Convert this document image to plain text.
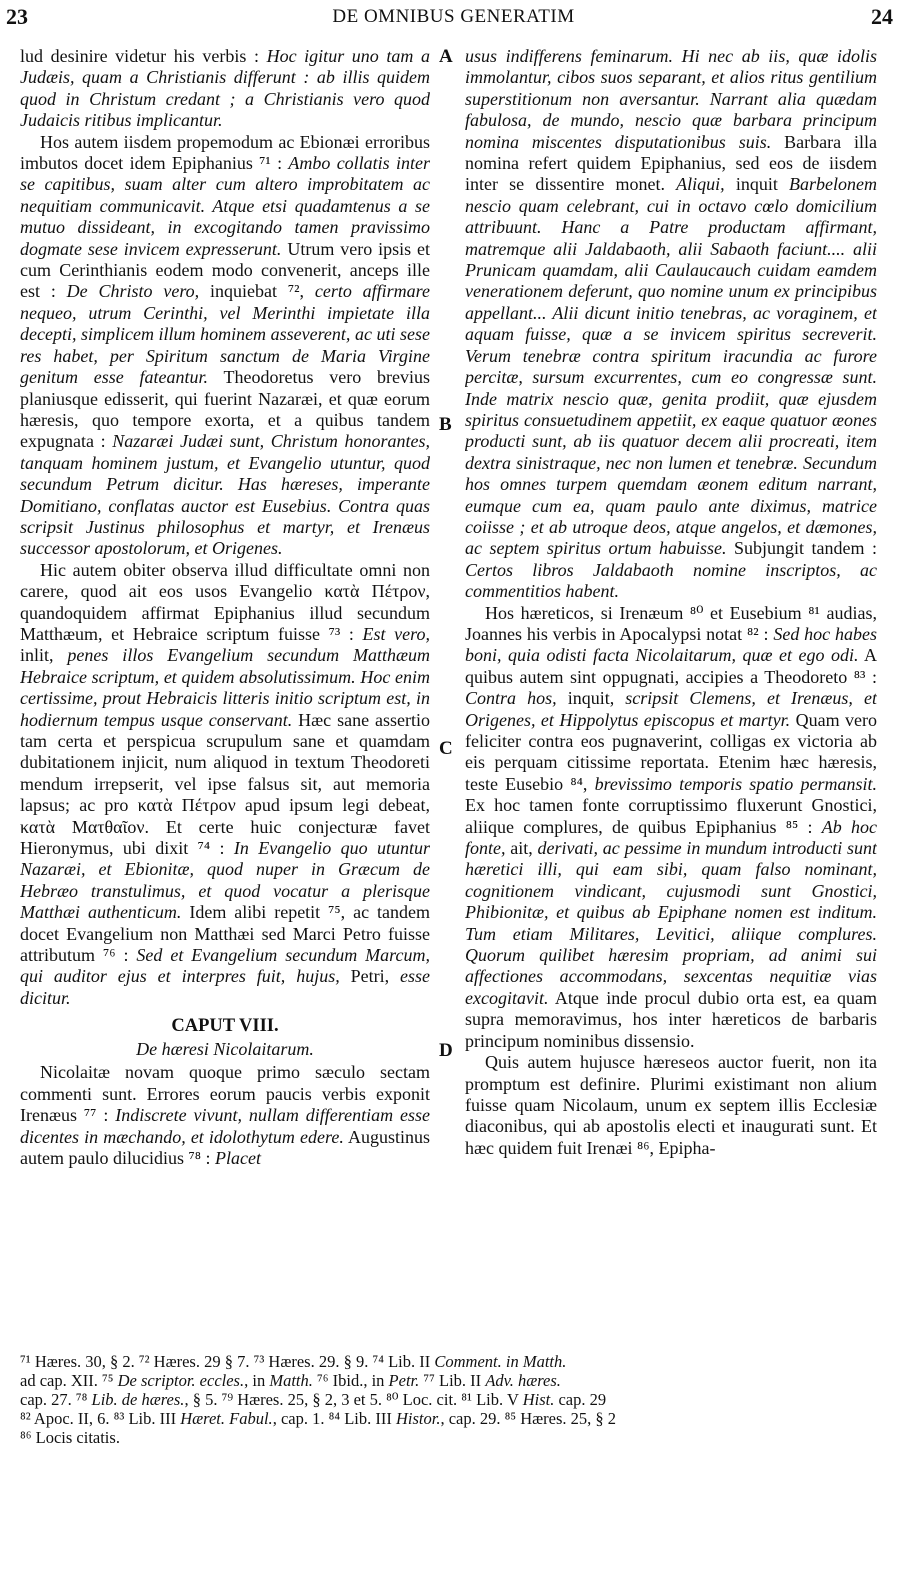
23	DE OMNIBUS GENERATIM	24

lud desinire videtur his verbis : Hoc igitur uno tam a Judæis, quam a Christianis differunt : ab illis quidem quod in Christum credant ; a Christianis vero quod Judaicis ritibus implicantur.

Hos autem iisdem propemodum ac Ebionæi erroribus imbutos docet idem Epiphanius ⁷¹ : Ambo collatis inter se capitibus, suam alter cum altero improbitatem ac nequitiam communicavit. Atque etsi quadamtenus a se mutuo dissideant, in excogitando tamen pravissimo dogmate sese invicem expresserunt. Utrum vero ipsis et cum Cerinthianis eodem modo convenerit, anceps ille est : De Christo vero, inquiebat ⁷², certo affirmare nequeo, utrum Cerinthi, vel Merinthi impietate illa decepti, simplicem illum hominem asseverent, ac uti sese res habet, per Spiritum sanctum de Maria Virgine genitum esse fateantur. Theodoretus vero brevius planiusque edisserit, qui fuerint Nazaræi, et quæ eorum hæresis, quo tempore exorta, et a quibus tandem expugnata : Nazaræi Judæi sunt, Christum honorantes, tanquam hominem justum, et Evangelio utuntur, quod secundum Petrum dicitur. Has hæreses, imperante Domitiano, conflatas auctor est Eusebius. Contra quas scripsit Justinus philosophus et martyr, et Irenæus successor apostolorum, et Origenes.

Hic autem obiter observa illud difficultate omni non carere, quod ait eos usos Evangelio κατὰ Πέτρον, quandoquidem affirmat Epiphanius illud secundum Matthæum, et Hebraice scriptum fuisse ⁷³ : Est vero, inlit, penes illos Evangelium secundum Matthæum Hebraice scriptum, et quidem absolutissimum. Hoc enim certissime, prout Hebraicis litteris initio scriptum est, in hodiernum tempus usque conservant. Hæc sane assertio tam certa et perspicua scrupulum sane et quamdam dubitationem injicit, num aliquod in textum Theodoreti mendum irrepserit, vel ipse falsus sit, aut memoria lapsus; ac pro κατὰ Πέτρον apud ipsum legi debeat, κατὰ Ματθαῖον. Et certe huic conjecturæ favet Hieronymus, ubi dixit ⁷⁴ : In Evangelio quo utuntur Nazaræi, et Ebionitæ, quod nuper in Græcum de Hebræo transtulimus, et quod vocatur a plerisque Matthæi authenticum. Idem alibi repetit ⁷⁵, ac tandem docet Evangelium non Matthæi sed Marci Petro fuisse attributum ⁷⁶ : Sed et Evangelium secundum Marcum, qui auditor ejus et interpres fuit, hujus, Petri, esse dicitur.

CAPUT VIII.
De hæresi Nicolaitarum.

Nicolaitæ novam quoque primo sæculo sectam commenti sunt. Errores eorum paucis verbis exponit Irenæus ⁷⁷ : Indiscrete vivunt, nullam differentiam esse dicentes in mæchando, et idolothytum edere. Augustinus autem paulo dilucidius ⁷⁸ : Placet

A
B
C
D

usus indifferens feminarum. Hi nec ab iis, quæ idolis immolantur, cibos suos separant, et alios ritus gentilium superstitionum non aversantur. Narrant alia quædam fabulosa, de mundo, nescio quæ barbara principum nomina miscentes disputationibus suis. Barbara illa nomina refert quidem Epiphanius, sed eos de iisdem inter se dissentire monet. Aliqui, inquit Barbelonem nescio quam celebrant, cui in octavo cœlo domicilium attribuunt. Hanc a Patre productam affirmant, matremque alii Jaldabaoth, alii Sabaoth faciunt.... alii Prunicam quamdam, alii Caulaucauch cuidam eamdem venerationem deferunt, quo nomine unum ex principibus appellant... Alii dicunt initio tenebras, ac voraginem, et aquam fuisse, quæ a se invicem spiritus secreverit. Verum tenebræ contra spiritum iracundia ac furore percitæ, sursum excurrentes, cum eo congressæ sunt. Inde matrix nescio quæ, genita prodiit, quæ ejusdem spiritus consuetudinem appetiit, ex eaque quatuor æones producti sunt, ab iis quatuor decem alii procreati, item dextra sinistraque, nec non lumen et tenebræ. Secundum hos omnes turpem quemdam æonem editum narrant, eumque cum ea, quam paulo ante diximus, matrice coiisse ; et ab utroque deos, atque angelos, et dæmones, ac septem spiritus ortum habuisse. Subjungit tandem : Certos libros Jaldabaoth nomine inscriptos, ac commentitios habent.

Hos hæreticos, si Irenæum ⁸⁰ et Eusebium ⁸¹ audias, Joannes his verbis in Apocalypsi notat ⁸² : Sed hoc habes boni, quia odisti facta Nicolaitarum, quæ et ego odi. A quibus autem sint oppugnati, accipies a Theodoreto ⁸³ : Contra hos, inquit, scripsit Clemens, et Irenæus, et Origenes, et Hippolytus episcopus et martyr. Quam vero feliciter contra eos pugnaverint, colligas ex victoria ab eis perquam citissime reportata. Etenim hæc hæresis, teste Eusebio ⁸⁴, brevissimo temporis spatio permansit. Ex hoc tamen fonte corruptissimo fluxerunt Gnostici, aliique complures, de quibus Epiphanius ⁸⁵ : Ab hoc fonte, ait, derivati, ac pessime in mundum introducti sunt hæretici illi, qui eam sibi, quam falso nominant, cognitionem vindicant, cujusmodi sunt Gnostici, Phibionitæ, et quibus ab Epiphane nomen est inditum. Tum etiam Militares, Levitici, aliique complures. Quorum quilibet hæresim propriam, ad animi sui affectiones accommodans, sexcentas nequitiæ vias excogitavit. Atque inde procul dubio orta est, ea quam supra memoravimus, hos inter hæreticos de barbaris principum nominibus dissensio.

Quis autem hujusce hæreseos auctor fuerit, non ita promptum est definire. Plurimi existimant non alium fuisse quam Nicolaum, unum ex septem illis Ecclesiæ diaconibus, qui ab apostolis electi et inaugurati sunt. Et hæc quidem fuit Irenæi ⁸⁶, Epipha-

⁷¹ Hæres. 30, § 2. ⁷² Hæres. 29 § 7. ⁷³ Hæres. 29. § 9. ⁷⁴ Lib. II Comment. in Matth.

ad cap. XII. ⁷⁵ De scriptor. eccles., in Matth. ⁷⁶ Ibid., in Petr. ⁷⁷ Lib. II Adv. hæres.

cap. 27. ⁷⁸ Lib. de hæres., § 5. ⁷⁹ Hæres. 25, § 2, 3 et 5. ⁸⁰ Loc. cit. ⁸¹ Lib. V Hist. cap. 29

⁸² Apoc. II, 6. ⁸³ Lib. III Hæret. Fabul., cap. 1. ⁸⁴ Lib. III Histor., cap. 29. ⁸⁵ Hæres. 25, § 2

⁸⁶ Locis citatis.
